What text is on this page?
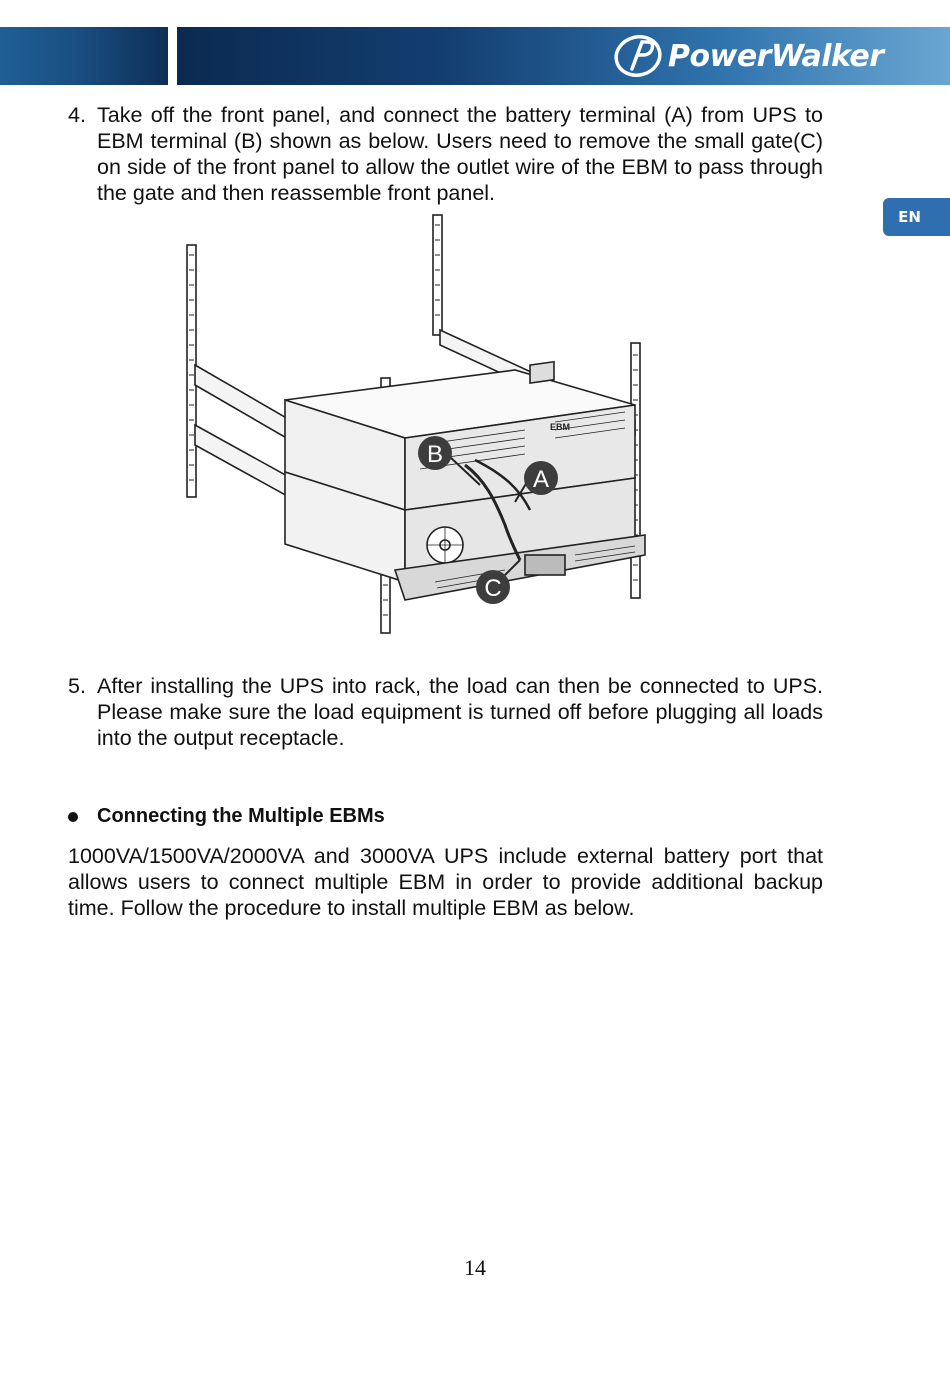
PowerWalker
EN
4. Take off the front panel, and connect the battery terminal (A) from UPS to EBM terminal (B) shown as below. Users need to remove the small gate(C) on side of the front panel to allow the outlet wire of the EBM to pass through the gate and then reassemble front panel.
EBM
B
A
C
5. After installing the UPS into rack, the load can then be connected to UPS. Please make sure the load equipment is turned off before plugging all loads into the output receptacle.
Connecting the Multiple EBMs
1000VA/1500VA/2000VA and 3000VA UPS include external battery port that allows users to connect multiple EBM in order to provide additional backup time. Follow the procedure to install multiple EBM as below.
14
